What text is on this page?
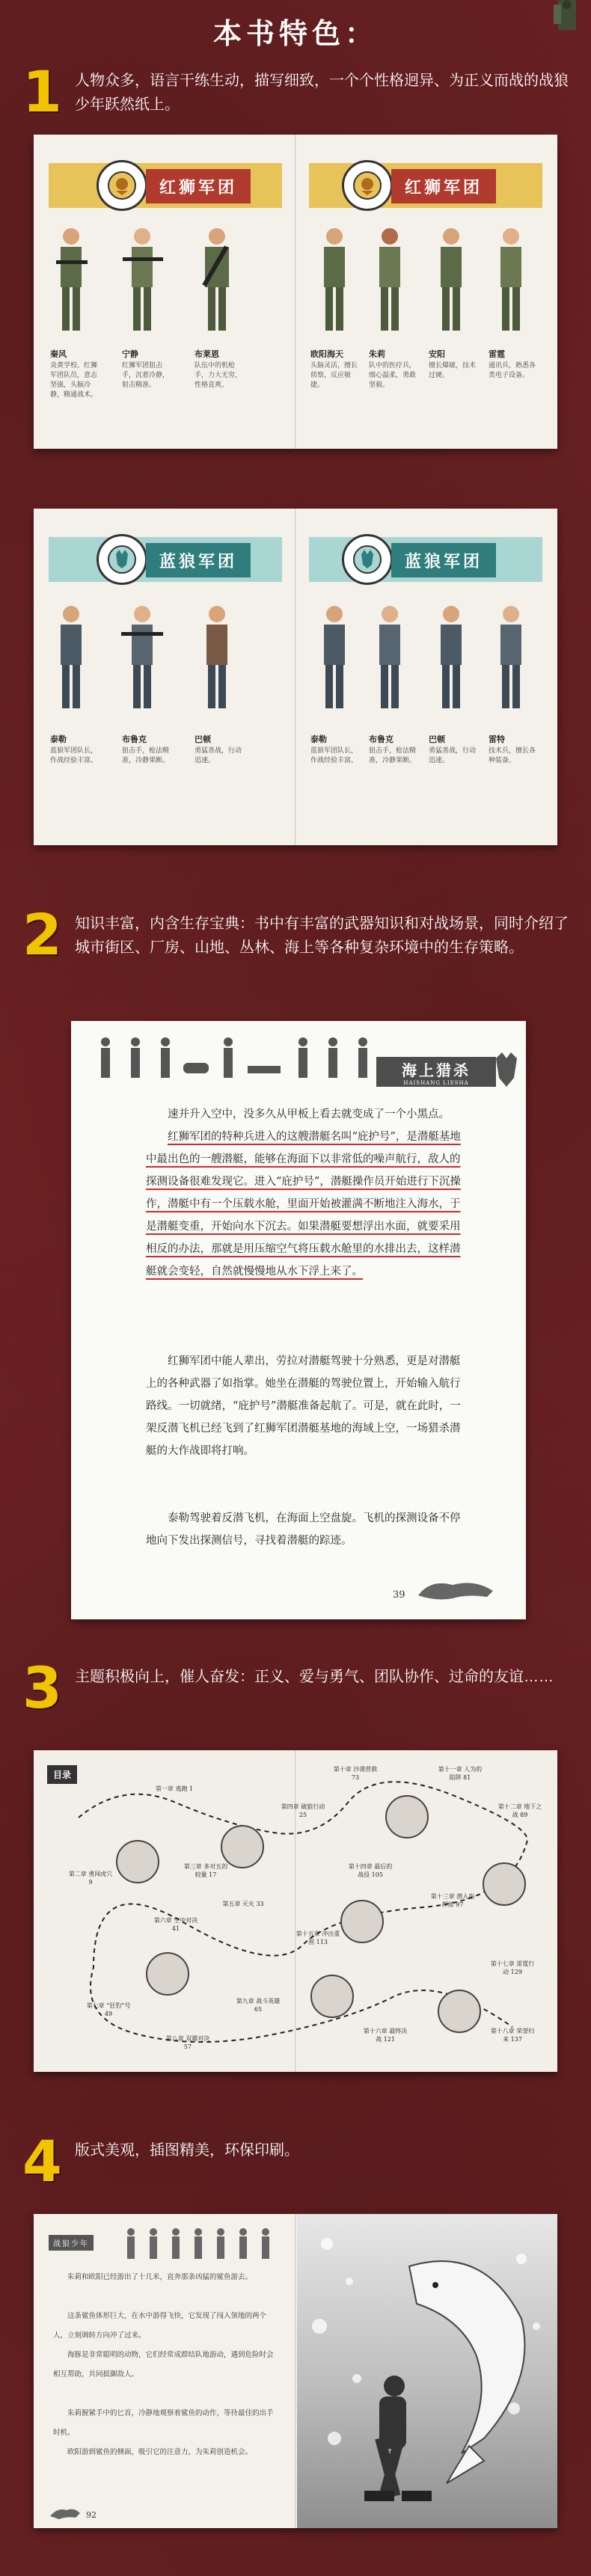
本书特色：
1 人物众多，语言干练生动，描写细致，一个个性格迥异、为正义而战的战狼少年跃然纸上。
红狮军团	红狮军团
秦风
炎黄学校、红狮军团队员，意志坚强，头脑冷静，精通战术。
宁静
红狮军团狙击手，沉着冷静，射击精准。
布莱恩
队伍中的机枪手，力大无穷，性格直爽。
欧阳海天
头脑灵活，擅长侦察，反应敏捷。
朱莉
队中的医疗兵，细心温柔，勇敢坚毅。
安阳
擅长爆破，技术过硬。
雷霆
通讯兵，熟悉各类电子设备。
蓝狼军团	蓝狼军团
泰勒
蓝狼军团队长，作战经验丰富。
布鲁克
狙击手，枪法精准，冷静果断。
巴顿
勇猛善战，行动迅速。
泰勒
蓝狼军团队长，作战经验丰富。
布鲁克
狙击手，枪法精准，冷静果断。
巴顿
勇猛善战，行动迅速。
雷特
技术兵，擅长各种装备。
2 知识丰富，内含生存宝典：书中有丰富的武器知识和对战场景，同时介绍了城市街区、厂房、山地、丛林、海上等各种复杂环境中的生存策略。
海上猎杀
HAISHANG LIESHA
速并升入空中，没多久从甲板上看去就变成了一个小黑点。
红狮军团的特种兵进入的这艘潜艇名叫“庇护号”，是潜艇基地中最出色的一艘潜艇，能够在海面下以非常低的噪声航行，敌人的探测设备很难发现它。进入“庇护号”，潜艇操作员开始进行下沉操作，潜艇中有一个压载水舱，里面开始被灌满不断地注入海水，于是潜艇变重，开始向水下沉去。如果潜艇要想浮出水面，就要采用相反的办法，那就是用压缩空气将压载水舱里的水排出去，这样潜艇就会变轻，自然就慢慢地从水下浮上来了。
红狮军团中能人辈出，劳拉对潜艇驾驶十分熟悉，更是对潜艇上的各种武器了如指掌。她坐在潜艇的驾驶位置上，开始输入航行路线。一切就绪，“庇护号”潜艇准备起航了。可是，就在此时，一架反潜飞机已经飞到了红狮军团潜艇基地的海域上空，一场猎杀潜艇的大作战即将打响。
泰勒驾驶着反潜飞机，在海面上空盘旋。飞机的探测设备不停地向下发出探测信号，寻找着潜艇的踪迹。
39
3 主题积极向上，催人奋发：正义、爱与勇气、团队协作、过命的友谊……
目录
第一章 逃跑 1
第二章 勇闯虎穴 9
第三章 多对五的较量 17
第四章 破狼行动 25
第五章 灭火 33
第六章 空中对决 41
第七章 “狂豹”号 49
第八章 双雄对决 57
第九章 战斗英雄 65
第十章 沙漠营救 73
第十一章 人为的陷阱 81
第十二章 地下之战 89
第十三章 潜入指挥部 97
第十四章 最后的战役 105
第十五章 冲出重围 113
第十六章 最终决战 121
第十七章 雷霆行动 129
第十八章 荣誉归来 137
4 版式美观，插图精美，环保印刷。
战狼少年
朱莉和欧阳已经游出了十几米，直奔那条凶猛的鲨鱼游去。
这条鲨鱼体形巨大，在水中游得飞快，它发现了闯入领地的两个人，立刻调转方向冲了过来。
海豚是非常聪明的动物，它们经常成群结队地游动，遇到危险时会相互帮助，共同抵御敌人。
朱莉握紧手中的匕首，冷静地观察着鲨鱼的动作，等待最佳的出手时机。
欧阳游到鲨鱼的侧面，吸引它的注意力，为朱莉创造机会。
92
